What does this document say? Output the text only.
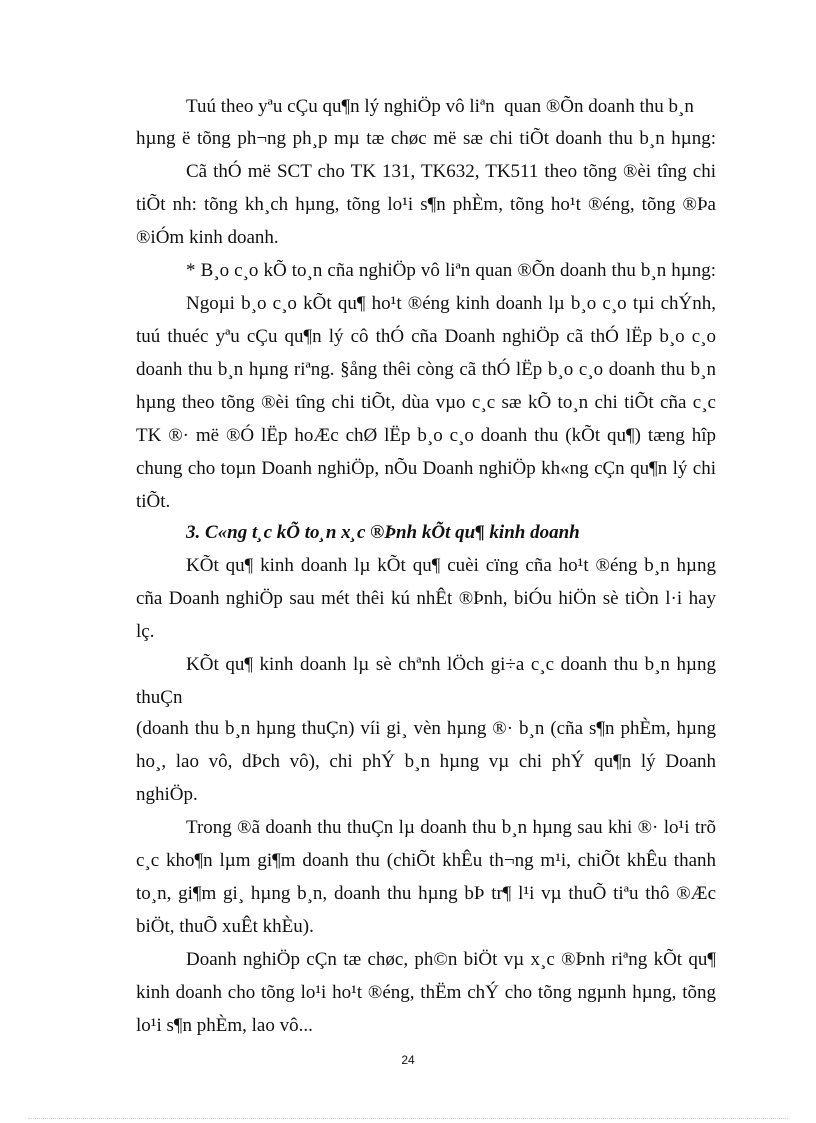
Tuú theo yªu cÇu qu¶n lý nghiÖp vô liªn  quan ®Õn doanh thu b¸n
hµng ë tõng ph¬ng ph¸p mµ tæ chøc më sæ chi tiÕt doanh thu b¸n hµng:
Cã thÓ më SCT cho TK 131, TK632, TK511 theo tõng ®èi tîng chi
tiÕt nh: tõng kh¸ch hµng, tõng lo¹i s¶n phÈm, tõng ho¹t ®éng, tõng ®Þa
®iÓm kinh doanh.
* B¸o c¸o kÕ to¸n cña nghiÖp vô liªn quan ®Õn doanh thu b¸n hµng:
Ngoµi b¸o c¸o kÕt qu¶ ho¹t ®éng kinh doanh lµ b¸o c¸o tµi chÝnh,
tuú thuéc yªu cÇu qu¶n lý cô thÓ cña Doanh nghiÖp cã thÓ lËp b¸o c¸o
doanh thu b¸n hµng riªng. §ång thêi còng cã thÓ lËp b¸o c¸o doanh thu b¸n
hµng theo tõng ®èi tîng chi tiÕt, dùa vµo c¸c sæ kÕ to¸n chi tiÕt cña c¸c
TK ®· më ®Ó lËp hoÆc chØ lËp b¸o c¸o doanh thu (kÕt qu¶) tæng hîp
chung cho toµn Doanh nghiÖp, nÕu Doanh nghiÖp kh«ng cÇn qu¶n lý chi
tiÕt.
3. C«ng t¸c kÕ to¸n x¸c ®Þnh kÕt qu¶ kinh doanh
KÕt qu¶ kinh doanh lµ kÕt qu¶ cuèi cïng cña ho¹t ®éng b¸n hµng
cña Doanh nghiÖp sau mét thêi kú nhÊt ®Þnh, biÓu hiÖn sè tiÒn l·i hay
lç.
KÕt qu¶ kinh doanh lµ sè chªnh lÖch gi÷a c¸c doanh thu b¸n hµng
thuÇn
(doanh thu b¸n hµng thuÇn) víi gi¸ vèn hµng ®· b¸n (cña s¶n phÈm, hµng
ho¸, lao vô, dÞch vô), chi phÝ b¸n hµng vµ chi phÝ qu¶n lý Doanh
nghiÖp.
Trong ®ã doanh thu thuÇn lµ doanh thu b¸n hµng sau khi ®· lo¹i trõ
c¸c kho¶n lµm gi¶m doanh thu (chiÕt khÊu th¬ng m¹i, chiÕt khÊu thanh
to¸n, gi¶m gi¸ hµng b¸n, doanh thu hµng bÞ tr¶ l¹i vµ thuÕ tiªu thô ®Æc
biÖt, thuÕ xuÊt khÈu).
Doanh nghiÖp cÇn tæ chøc, ph©n biÖt vµ x¸c ®Þnh riªng kÕt qu¶
kinh doanh cho tõng lo¹i ho¹t ®éng, thËm chÝ cho tõng ngµnh hµng, tõng
lo¹i s¶n phÈm, lao vô...
24
